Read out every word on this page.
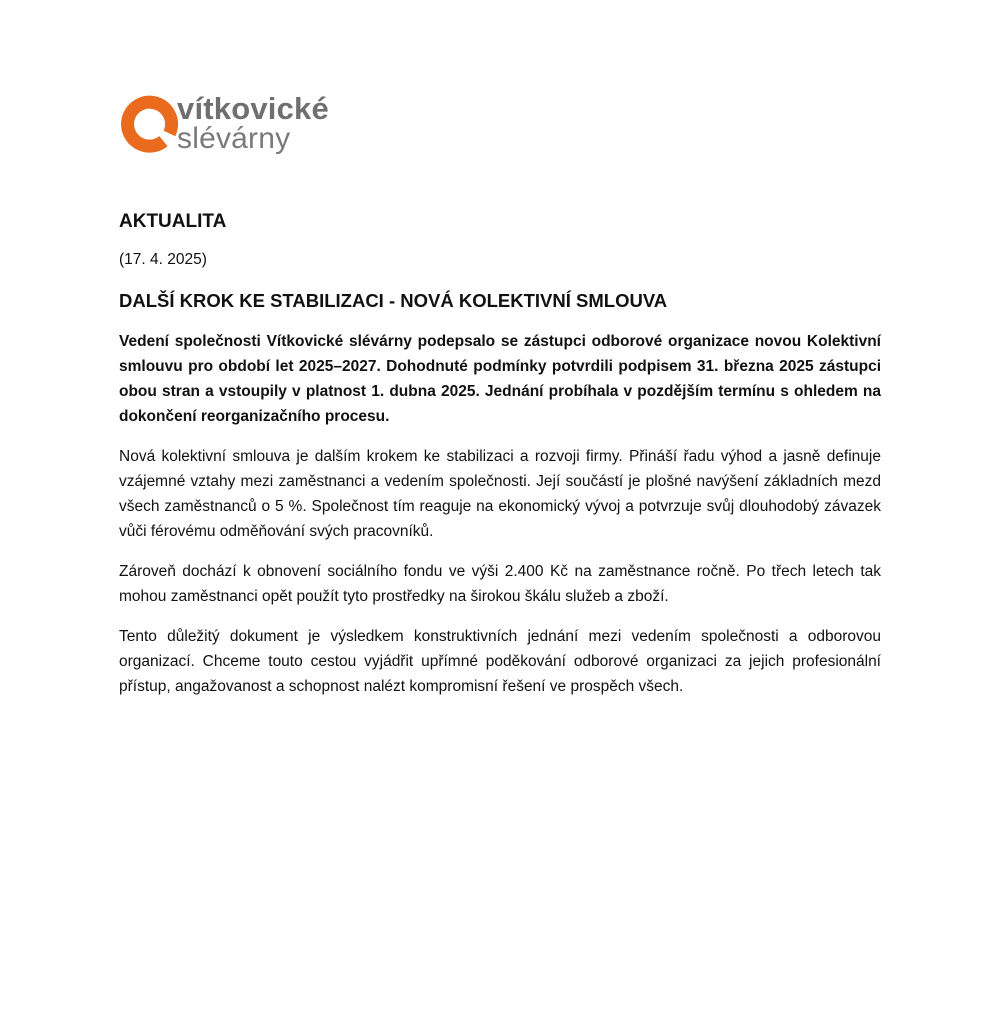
vítkovické
slévárny
AKTUALITA
(17. 4. 2025)
DALŠÍ KROK KE STABILIZACI - NOVÁ KOLEKTIVNÍ SMLOUVA

Vedení společnosti Vítkovické slévárny podepsalo se zástupci odborové organizace novou Kolektivní smlouvu pro období let 2025–2027. Dohodnuté podmínky potvrdili podpisem 31. března 2025 zástupci obou stran a vstoupily v platnost 1. dubna 2025. Jednání probíhala v pozdějším termínu s ohledem na dokončení reorganizačního procesu.

Nová kolektivní smlouva je dalším krokem ke stabilizaci a rozvoji firmy. Přináší řadu výhod a jasně definuje vzájemné vztahy mezi zaměstnanci a vedením společnosti. Její součástí je plošné navýšení základních mezd všech zaměstnanců o 5 %. Společnost tím reaguje na ekonomický vývoj a potvrzuje svůj dlouhodobý závazek vůči férovému odměňování svých pracovníků.

Zároveň dochází k obnovení sociálního fondu ve výši 2.400 Kč na zaměstnance ročně. Po třech letech tak mohou zaměstnanci opět použít tyto prostředky na širokou škálu služeb a zboží.

Tento důležitý dokument je výsledkem konstruktivních jednání mezi vedením společnosti a odborovou organizací. Chceme touto cestou vyjádřit upřímné poděkování odborové organizaci za jejich profesionální přístup, angažovanost a schopnost nalézt kompromisní řešení ve prospěch všech.
